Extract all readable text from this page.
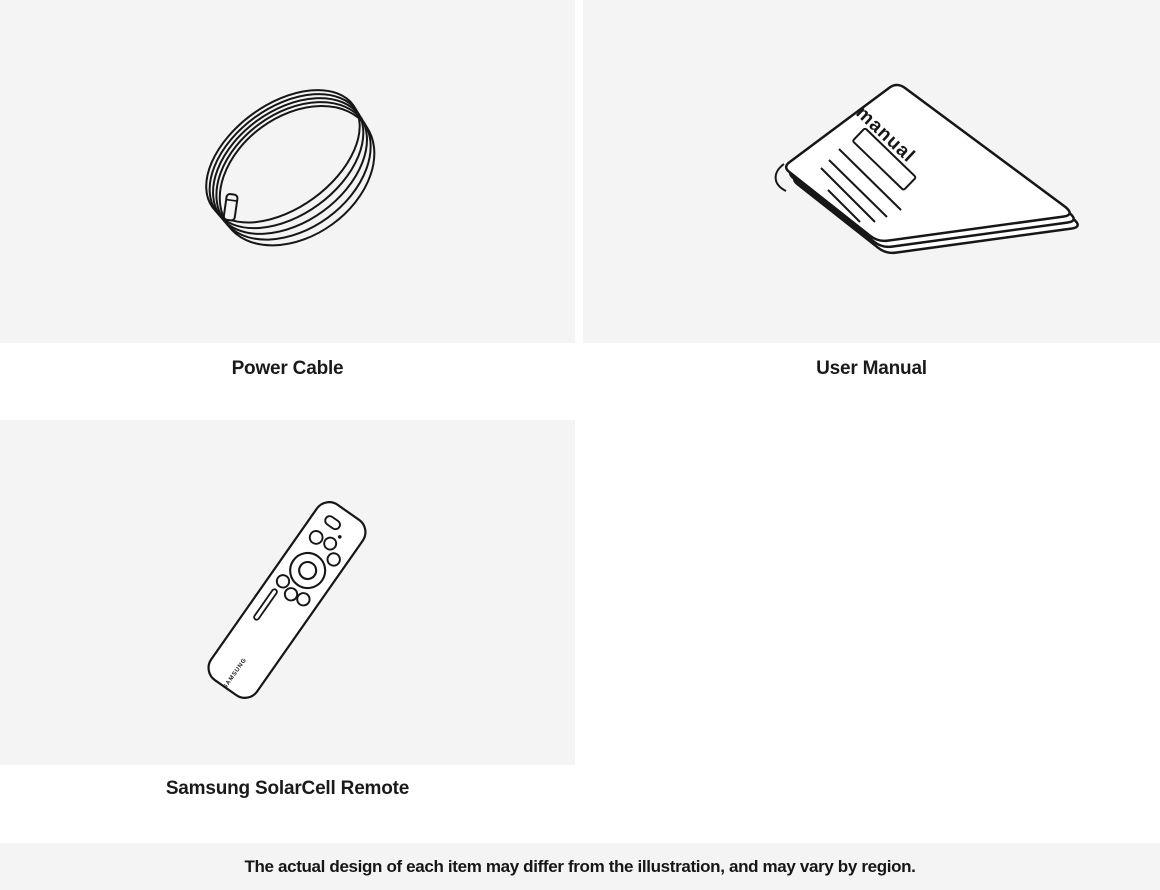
manual
Power Cable	User Manual
SAMSUNG
Samsung SolarCell Remote
The actual design of each item may differ from the illustration, and may vary by region.
